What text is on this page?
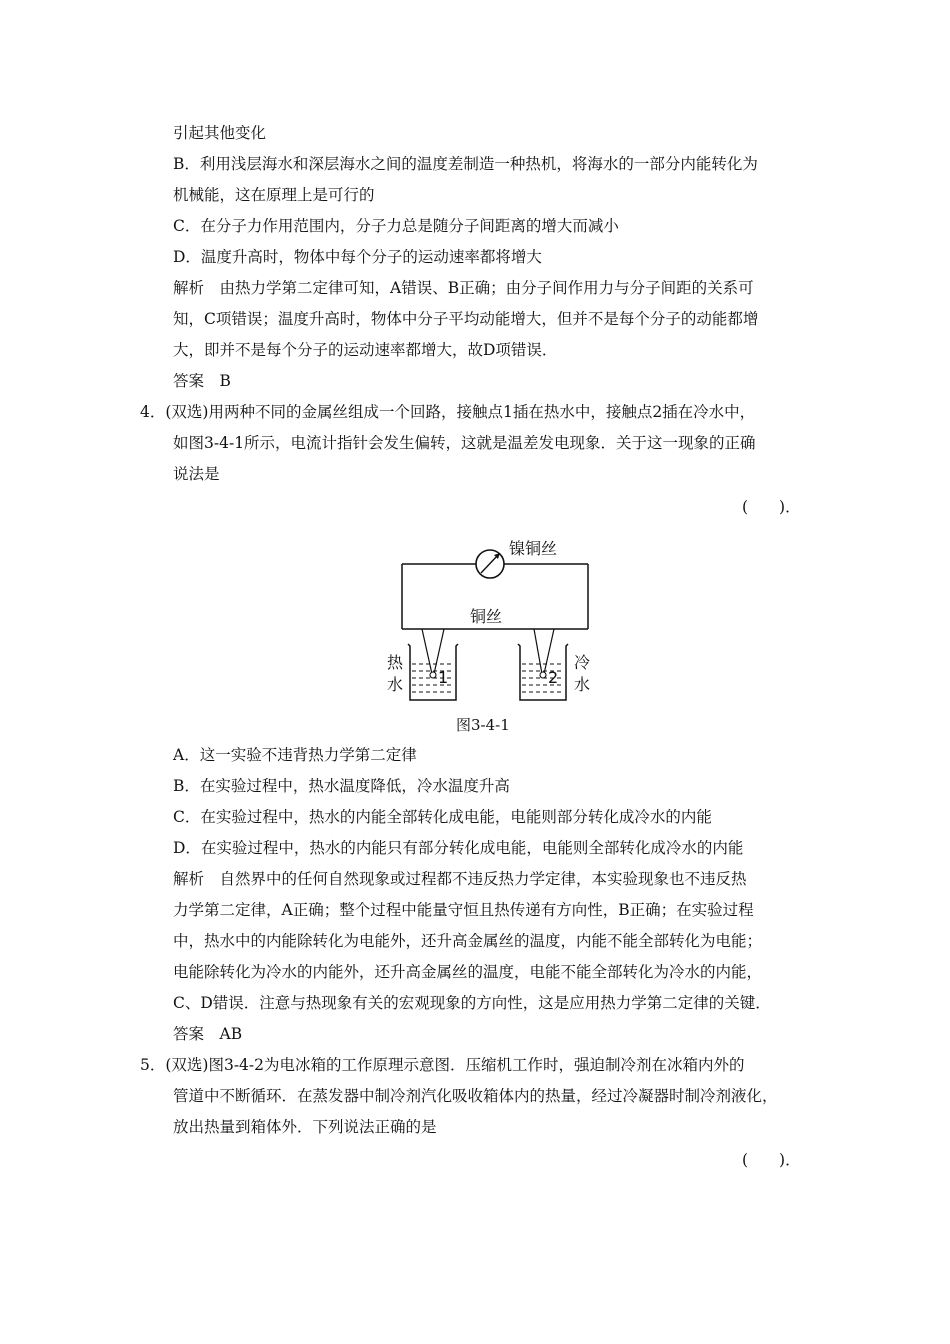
引起其他变化
B．利用浅层海水和深层海水之间的温度差制造一种热机，将海水的一部分内能转化为
机械能，这在原理上是可行的
C．在分子力作用范围内，分子力总是随分子间距离的增大而减小
D．温度升高时，物体中每个分子的运动速率都将增大
解析　由热力学第二定律可知，A错误、B正确；由分子间作用力与分子间距的关系可
知，C项错误；温度升高时，物体中分子平均动能增大，但并不是每个分子的动能都增
大，即并不是每个分子的运动速率都增大，故D项错误．
答案　B
4．(双选)用两种不同的金属丝组成一个回路，接触点1插在热水中，接触点2插在冷水中，
如图3-4-1所示，电流计指针会发生偏转，这就是温差发电现象．关于这一现象的正确
说法是
(　　)．
镍铜丝
铜丝
1
热
水	2
冷
水
图3-4-1
A．这一实验不违背热力学第二定律
B．在实验过程中，热水温度降低，冷水温度升高
C．在实验过程中，热水的内能全部转化成电能，电能则部分转化成冷水的内能
D．在实验过程中，热水的内能只有部分转化成电能，电能则全部转化成冷水的内能
解析　自然界中的任何自然现象或过程都不违反热力学定律，本实验现象也不违反热
力学第二定律，A正确；整个过程中能量守恒且热传递有方向性，B正确；在实验过程
中，热水中的内能除转化为电能外，还升高金属丝的温度，内能不能全部转化为电能；
电能除转化为冷水的内能外，还升高金属丝的温度，电能不能全部转化为冷水的内能，
C、D错误．注意与热现象有关的宏观现象的方向性，这是应用热力学第二定律的关键．
答案　AB
5．(双选)图3-4-2为电冰箱的工作原理示意图．压缩机工作时，强迫制冷剂在冰箱内外的
管道中不断循环．在蒸发器中制冷剂汽化吸收箱体内的热量，经过冷凝器时制冷剂液化，
放出热量到箱体外．下列说法正确的是
(　　)．
